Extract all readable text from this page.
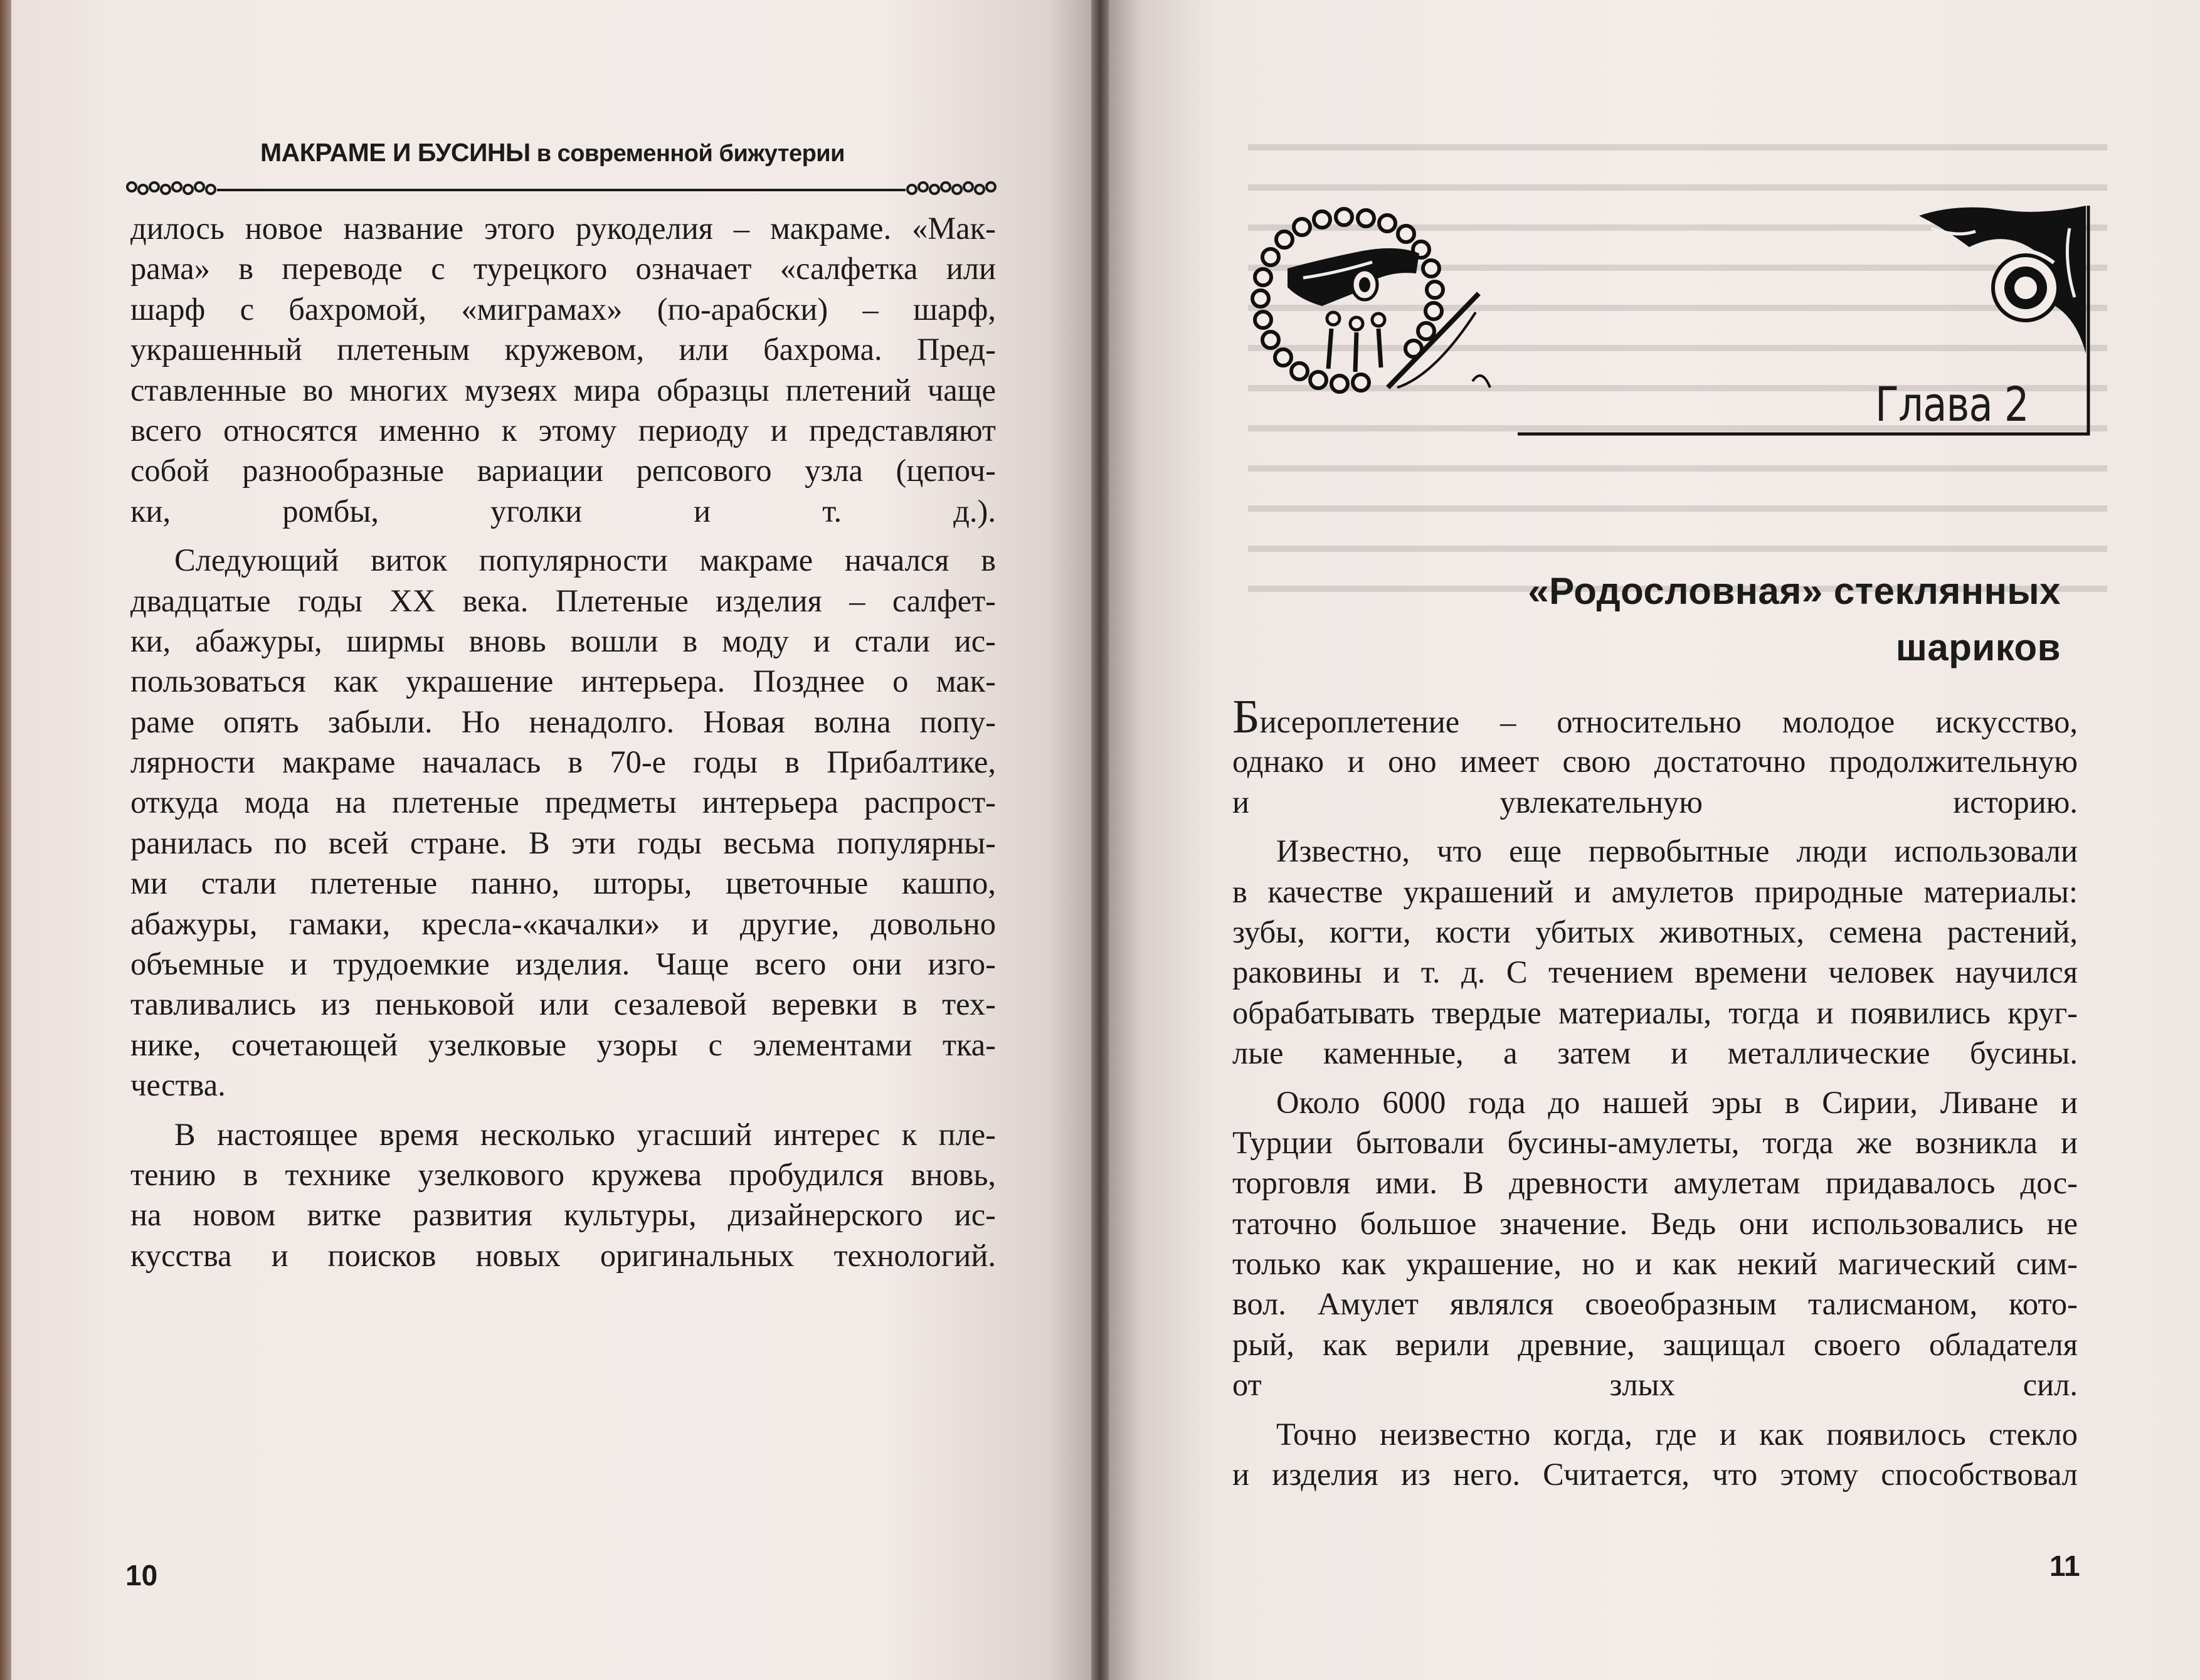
МАКРАМЕ И БУСИНЫ в современной бижутерии
дилось новое название этого рукоделия – макраме. «Мак-
рама» в переводе с турецкого означает «салфетка или
шарф с бахромой, «миграмах» (по-арабски) – шарф,
украшенный плетеным кружевом, или бахрома. Пред-
ставленные во многих музеях мира образцы плетений чаще
всего относятся именно к этому периоду и представляют
собой разнообразные вариации репсового узла (цепоч-
ки, ромбы, уголки и т. д.).
Следующий виток популярности макраме начался в
двадцатые годы XX века. Плетеные изделия – салфет-
ки, абажуры, ширмы вновь вошли в моду и стали ис-
пользоваться как украшение интерьера. Позднее о мак-
раме опять забыли. Но ненадолго. Новая волна попу-
лярности макраме началась в 70-е годы в Прибалтике,
откуда мода на плетеные предметы интерьера распрост-
ранилась по всей стране. В эти годы весьма популярны-
ми стали плетеные панно, шторы, цветочные кашпо,
абажуры, гамаки, кресла-«качалки» и другие, довольно
объемные и трудоемкие изделия. Чаще всего они изго-
тавливались из пеньковой или сезалевой веревки в тех-
нике, сочетающей узелковые узоры с элементами тка-
чества.
В настоящее время несколько угасший интерес к пле-
тению в технике узелкового кружева пробудился вновь,
на новом витке развития культуры, дизайнерского ис-
кусства и поисков новых оригинальных технологий.
10
Глава 2
«Родословная» стеклянных
шариков
Бисероплетение – относительно молодое искусство,
однако и оно имеет свою достаточно продолжительную
и увлекательную историю.
Известно, что еще первобытные люди использовали
в качестве украшений и амулетов природные материалы:
зубы, когти, кости убитых животных, семена растений,
раковины и т. д. С течением времени человек научился
обрабатывать твердые материалы, тогда и появились круг-
лые каменные, а затем и металлические бусины.
Около 6000 года до нашей эры в Сирии, Ливане и
Турции бытовали бусины-амулеты, тогда же возникла и
торговля ими. В древности амулетам придавалось дос-
таточно большое значение. Ведь они использовались не
только как украшение, но и как некий магический сим-
вол. Амулет являлся своеобразным талисманом, кото-
рый, как верили древние, защищал своего обладателя
от злых сил.
Точно неизвестно когда, где и как появилось стекло
и изделия из него. Считается, что этому способствовал
11
